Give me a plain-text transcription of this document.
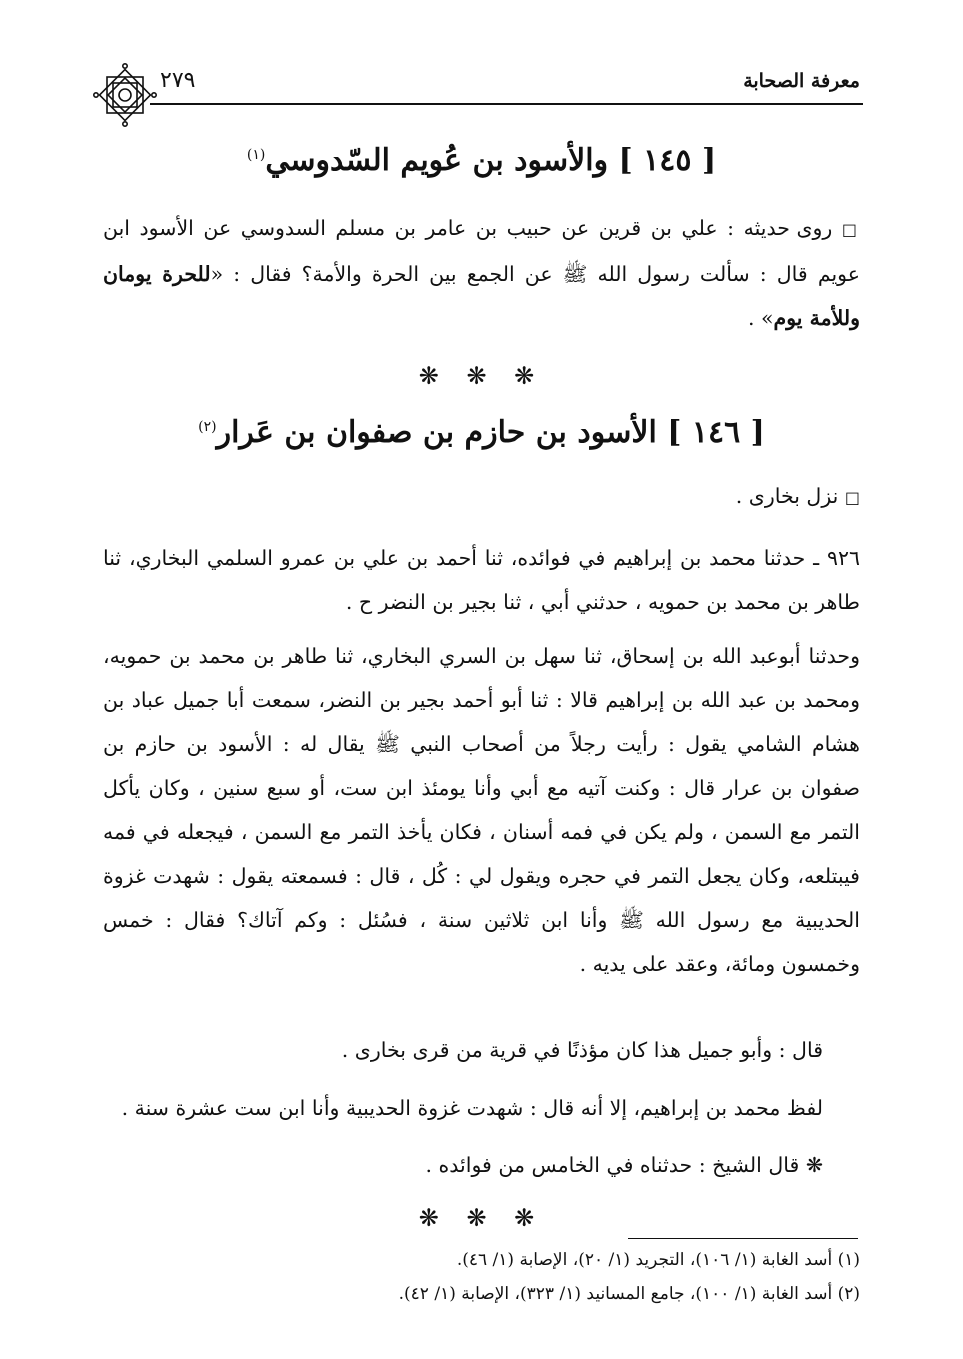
معرفة الصحابة
٢٧٩
[ ١٤٥ ] والأسود بن عُويم السّدوسي$^{(١)}$

□ روى حديثه : علي بن قرين عن حبيب بن عامر بن مسلم السدوسي عن الأسود ابن عويم قال : سألت رسول الله ﷺ عن الجمع بين الحرة والأمة؟ فقال : «للحرة يومان وللأمة يوم» .

❋ ❋ ❋
[ ١٤٦ ] الأسود بن حازم بن صفوان بن عَرار$^{(٢)}$

□ نزل بخارى .

٩٢٦ ـ حدثنا محمد بن إبراهيم في فوائده، ثنا أحمد بن علي بن عمرو السلمي البخاري، ثنا طاهر بن محمد بن حمويه ، حدثني أبي ، ثنا بجير بن النضر ح .

وحدثنا أبوعبد الله بن إسحاق، ثنا سهل بن السري البخاري، ثنا طاهر بن محمد بن حمويه، ومحمد بن عبد الله بن إبراهيم قالا : ثنا أبو أحمد بجير بن النضر، سمعت أبا جميل عباد بن هشام الشامي يقول : رأيت رجلاً من أصحاب النبي ﷺ يقال له : الأسود بن حازم بن صفوان بن عرار قال : وكنت آتيه مع أبي وأنا يومئذ ابن ست، أو سبع سنين ، وكان يأكل التمر مع السمن ، ولم يكن في فمه أسنان ، فكان يأخذ التمر مع السمن ، فيجعله في فمه فيبتلعه، وكان يجعل التمر في حجره ويقول لي : كُل ، قال : فسمعته يقول : شهدت غزوة الحديبية مع رسول الله ﷺ وأنا ابن ثلاثين سنة ، فسُئل : وكم آتاك؟ فقال : خمس وخمسون ومائة، وعقد على يديه .

قال : وأبو جميل هذا كان مؤذنًا في قرية من قرى بخارى .

لفظ محمد بن إبراهيم، إلا أنه قال : شهدت غزوة الحديبية وأنا ابن ست عشرة سنة .

❋ قال الشيخ : حدثناه في الخامس من فوائده .

❋ ❋ ❋
(١) أسد الغابة (١/ ١٠٦)، التجريد (١/ ٢٠)، الإصابة (١/ ٤٦).
(٢) أسد الغابة (١/ ١٠٠)، جامع المسانيد (١/ ٣٢٣)، الإصابة (١/ ٤٢).
